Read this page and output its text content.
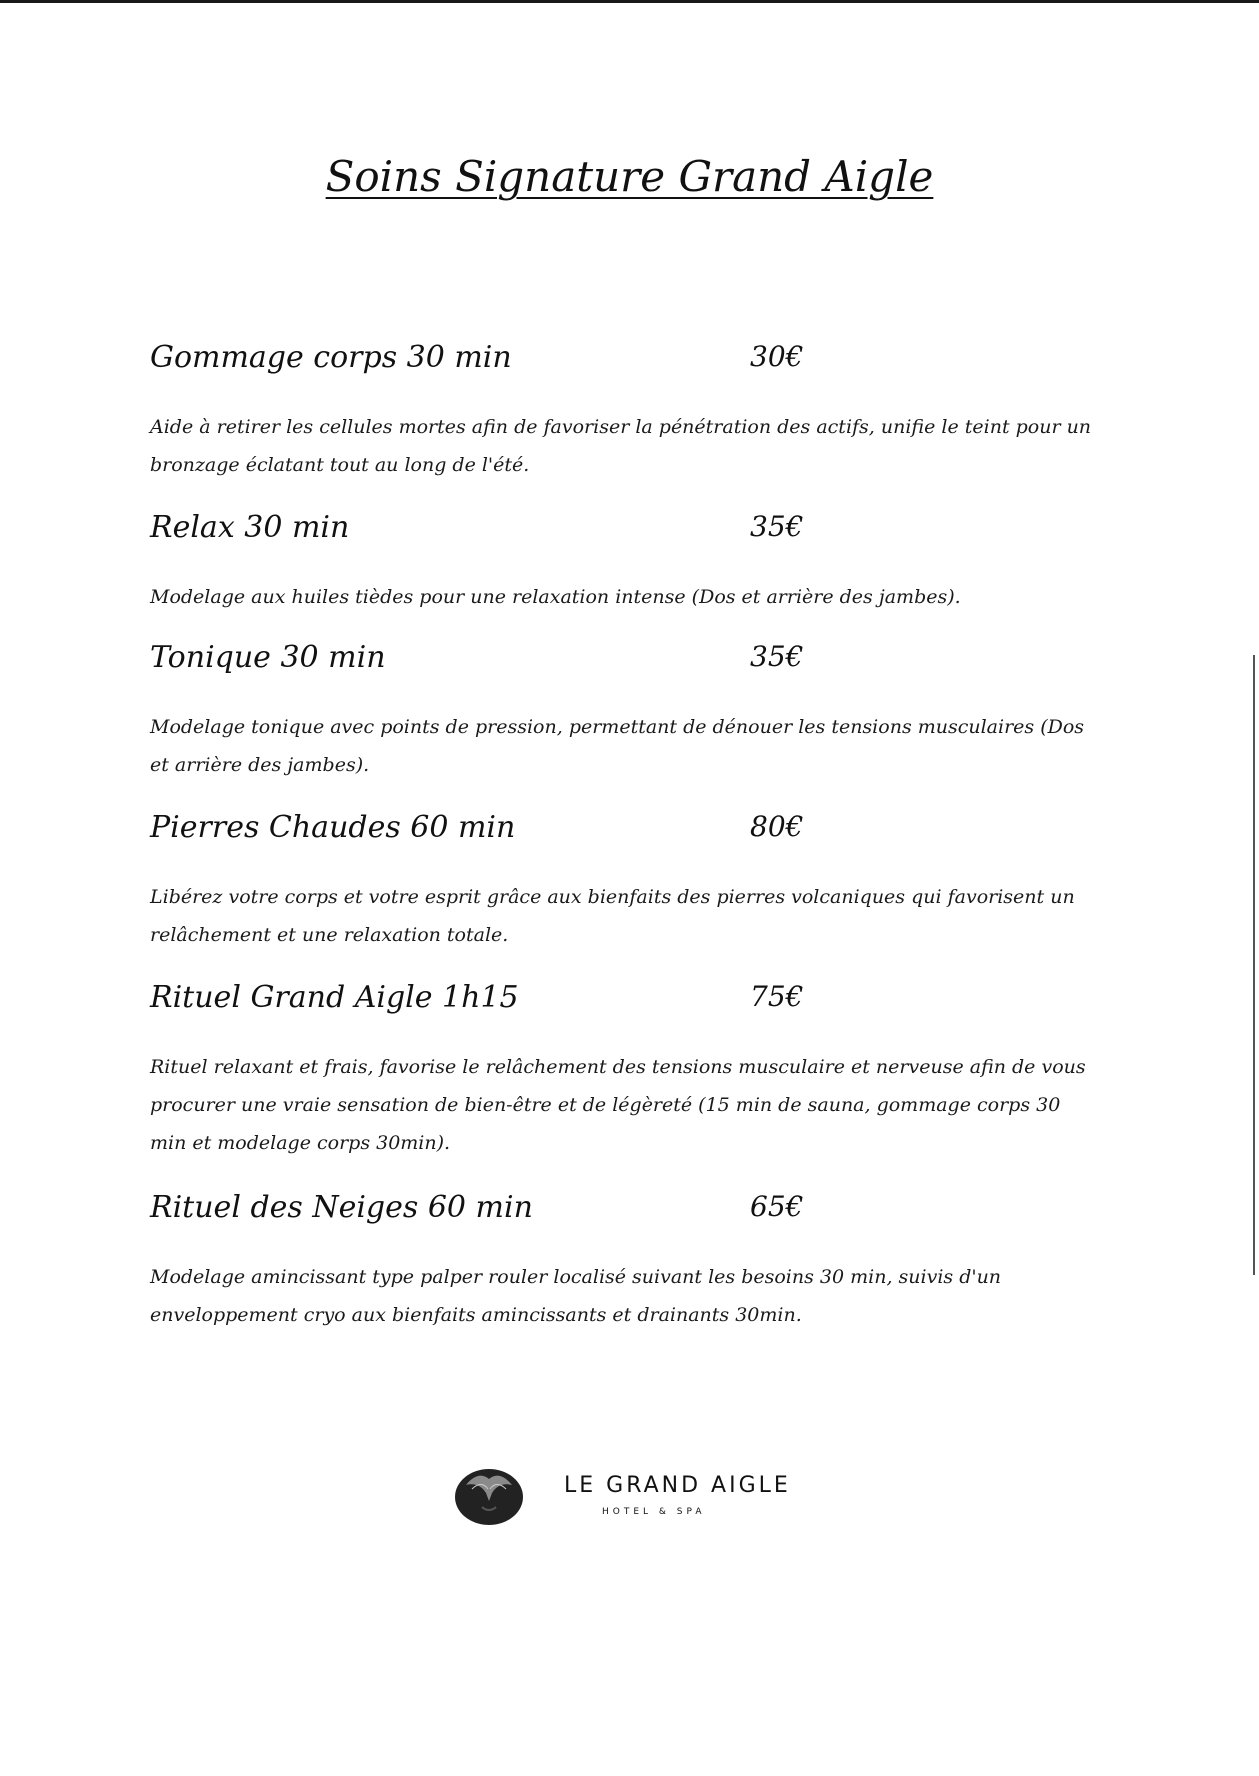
Soins Signature Grand Aigle
Gommage corps 30 min	30€

Aide à retirer les cellules mortes afin de favoriser la pénétration des actifs, unifie le teint pour un bronzage éclatant tout au long de l'été.

Relax 30 min	35€

Modelage aux huiles tièdes pour une relaxation intense (Dos et arrière des jambes).

Tonique 30 min	35€

Modelage tonique avec points de pression, permettant de dénouer les tensions musculaires (Dos et arrière des jambes).

Pierres Chaudes 60 min	80€

Libérez votre corps et votre esprit grâce aux bienfaits des pierres volcaniques qui favorisent un relâchement et une relaxation totale.

Rituel Grand Aigle 1h15	75€

Rituel relaxant et frais, favorise le relâchement des tensions musculaire et nerveuse afin de vous procurer une vraie sensation de bien-être et de légèreté (15 min de sauna, gommage corps 30 min et modelage corps 30min).

Rituel des Neiges 60 min	65€

Modelage amincissant type palper rouler localisé suivant les besoins 30 min, suivis d'un enveloppement cryo aux bienfaits amincissants et drainants 30min.

LE GRAND AIGLE
HOTEL & SPA
